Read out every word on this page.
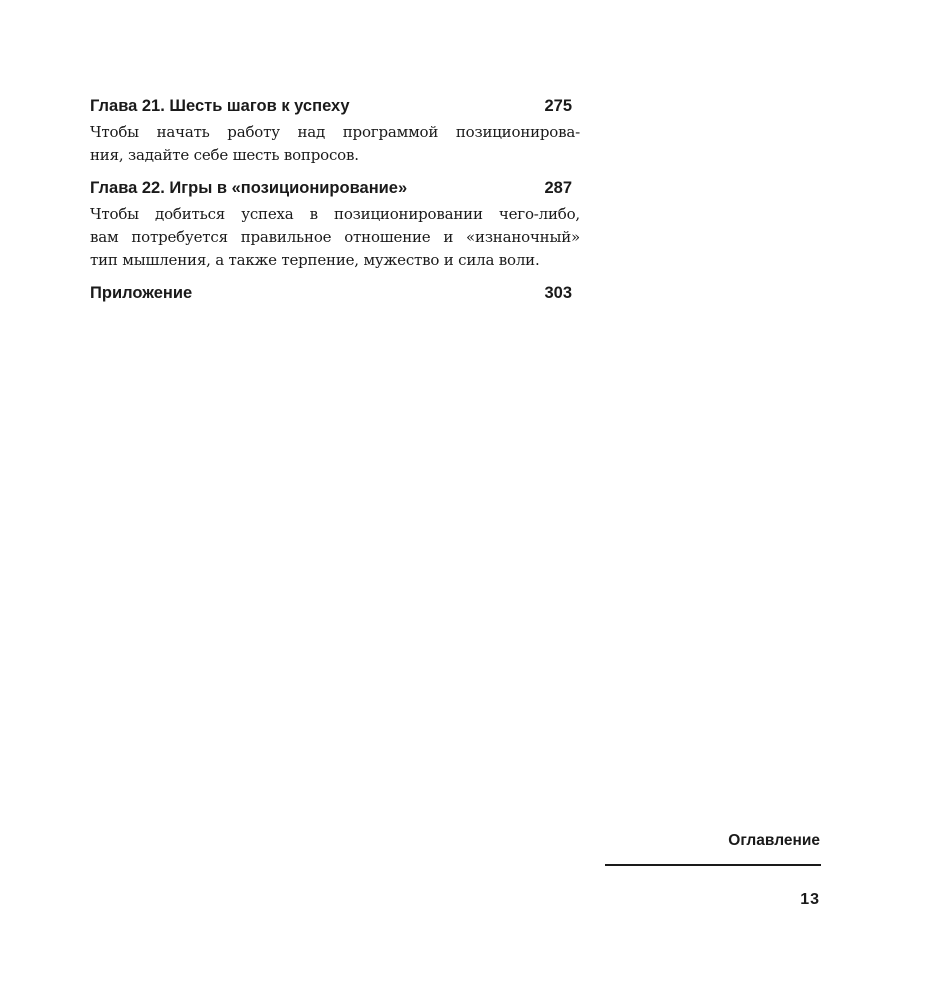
Глава 21. Шесть шагов к успеху	275
Чтобы начать работу над программой позиционирова-
ния, задайте себе шесть вопросов.
Глава 22. Игры в «позиционирование»	287
Чтобы добиться успеха в позиционировании чего-либо,
вам потребуется правильное отношение и «изнаночный»
тип мышления, а также терпение, мужество и сила воли.
Приложение	303
Оглавление
13
